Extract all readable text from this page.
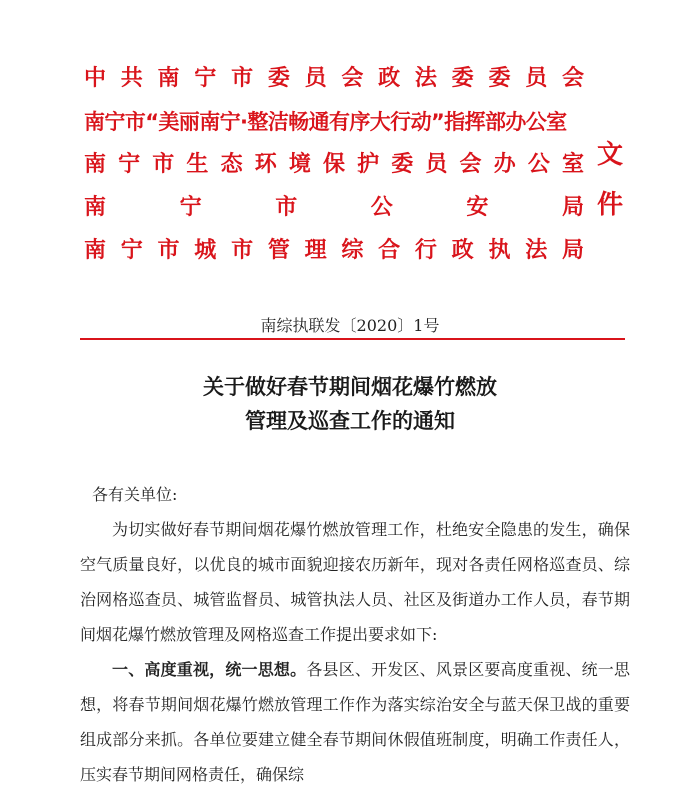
中共南宁市委员会政法委委员会
南宁市“美丽南宁·整洁畅通有序大行动”指挥部办公室
南宁市生态环境保护委员会办公室
南宁市公安局
南宁市城市管理综合行政执法局
文
件
南综执联发〔2020〕1号
关于做好春节期间烟花爆竹燃放
管理及巡查工作的通知
各有关单位:

为切实做好春节期间烟花爆竹燃放管理工作，杜绝安全隐患的发生，确保空气质量良好，以优良的城市面貌迎接农历新年，现对各责任网格巡查员、综治网格巡查员、城管监督员、城管执法人员、社区及街道办工作人员，春节期间烟花爆竹燃放管理及网格巡查工作提出要求如下:

一、高度重视，统一思想。各县区、开发区、风景区要高度重视、统一思想，将春节期间烟花爆竹燃放管理工作作为落实综治安全与蓝天保卫战的重要组成部分来抓。各单位要建立健全春节期间休假值班制度，明确工作责任人，压实春节期间网格责任，确保综
